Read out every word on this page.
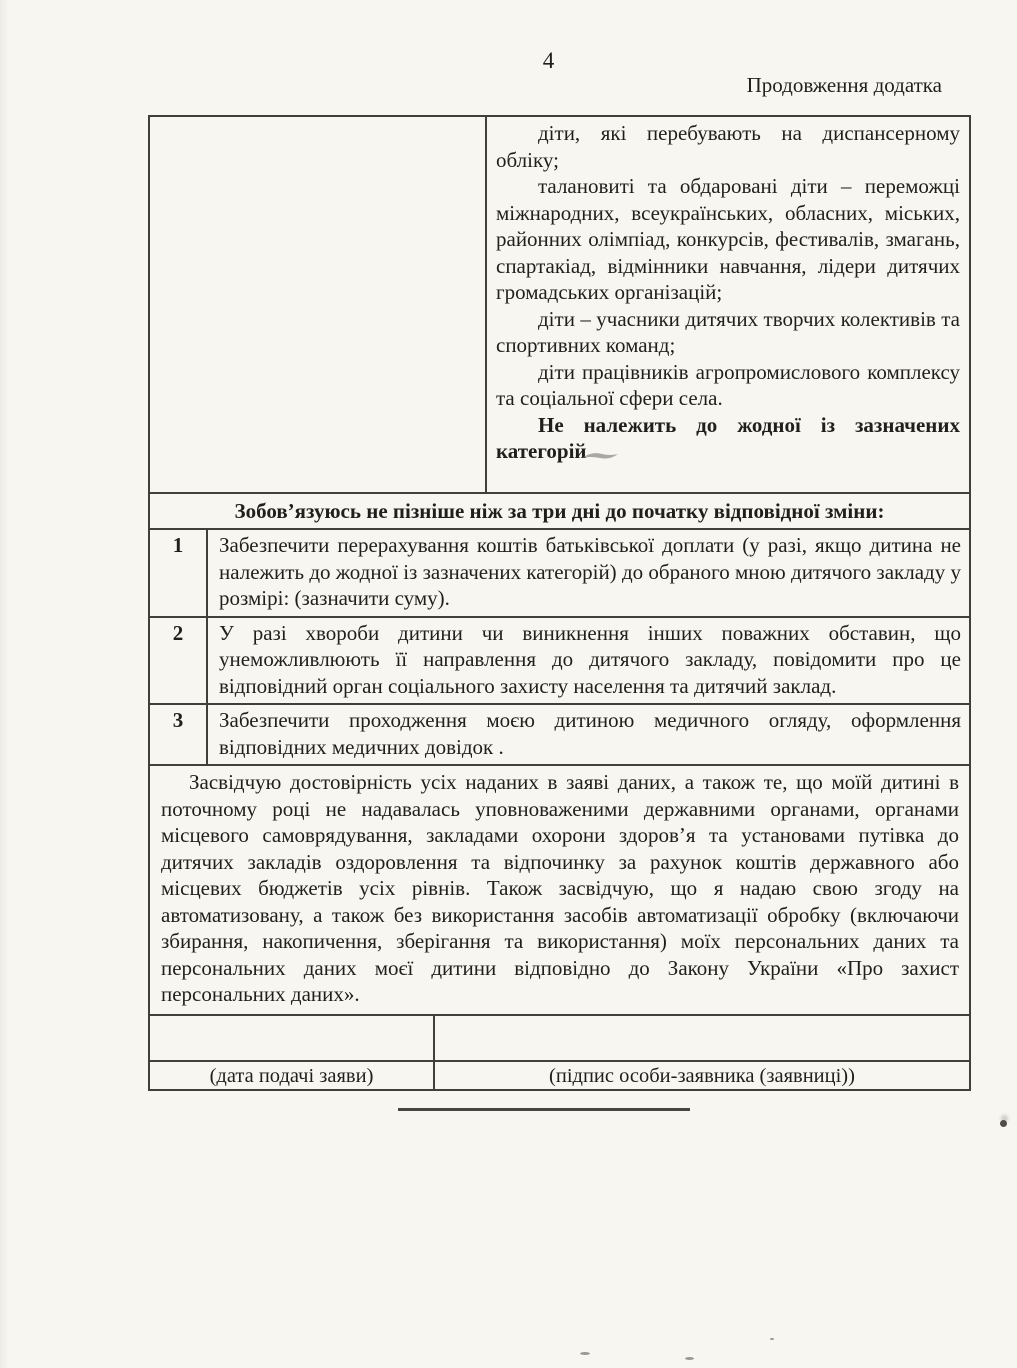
4
Продовження додатка

діти, які перебувають на диспансерному обліку;

талановиті та обдаровані діти – переможці міжнародних, всеукраїнських, обласних, міських, районних олімпіад, конкурсів, фестивалів, змагань, спартакіад, відмінники навчання, лідери дитячих громадських організацій;

діти – учасники дитячих творчих колективів та спортивних команд;

діти працівників агропромислового комплексу та соціальної сфери села.

Не належить до жодної із зазначених категорій

Зобов’язуюсь не пізніше ніж за три дні до початку відповідної зміни:
1	Забезпечити перерахування коштів батьківської доплати (у разі, якщо дитина не належить до жодної із зазначених категорій) до обраного мною дитячого закладу у розмірі: (зазначити суму).
2	У разі хвороби дитини чи виникнення інших поважних обставин, що унеможливлюють її направлення до дитячого закладу, повідомити про це відповідний орган соціального захисту населення та дитячий заклад.
3	Забезпечити проходження моєю дитиною медичного огляду, оформлення відповідних медичних довідок .

Засвідчую достовірність усіх наданих в заяві даних, а також те, що моїй дитині в поточному році не надавалась уповноваженими державними органами, органами місцевого самоврядування, закладами охорони здоров’я та установами путівка до дитячих закладів оздоровлення та відпочинку за рахунок коштів державного або місцевих бюджетів усіх рівнів. Також засвідчую, що я надаю свою згоду на автоматизовану, а також без використання засобів автоматизації обробку (включаючи збирання, накопичення, зберігання та використання) моїх персональних даних та персональних даних моєї дитини відповідно до Закону України «Про захист персональних даних».

(дата подачі заяви)	(підпис особи-заявника (заявниці))
